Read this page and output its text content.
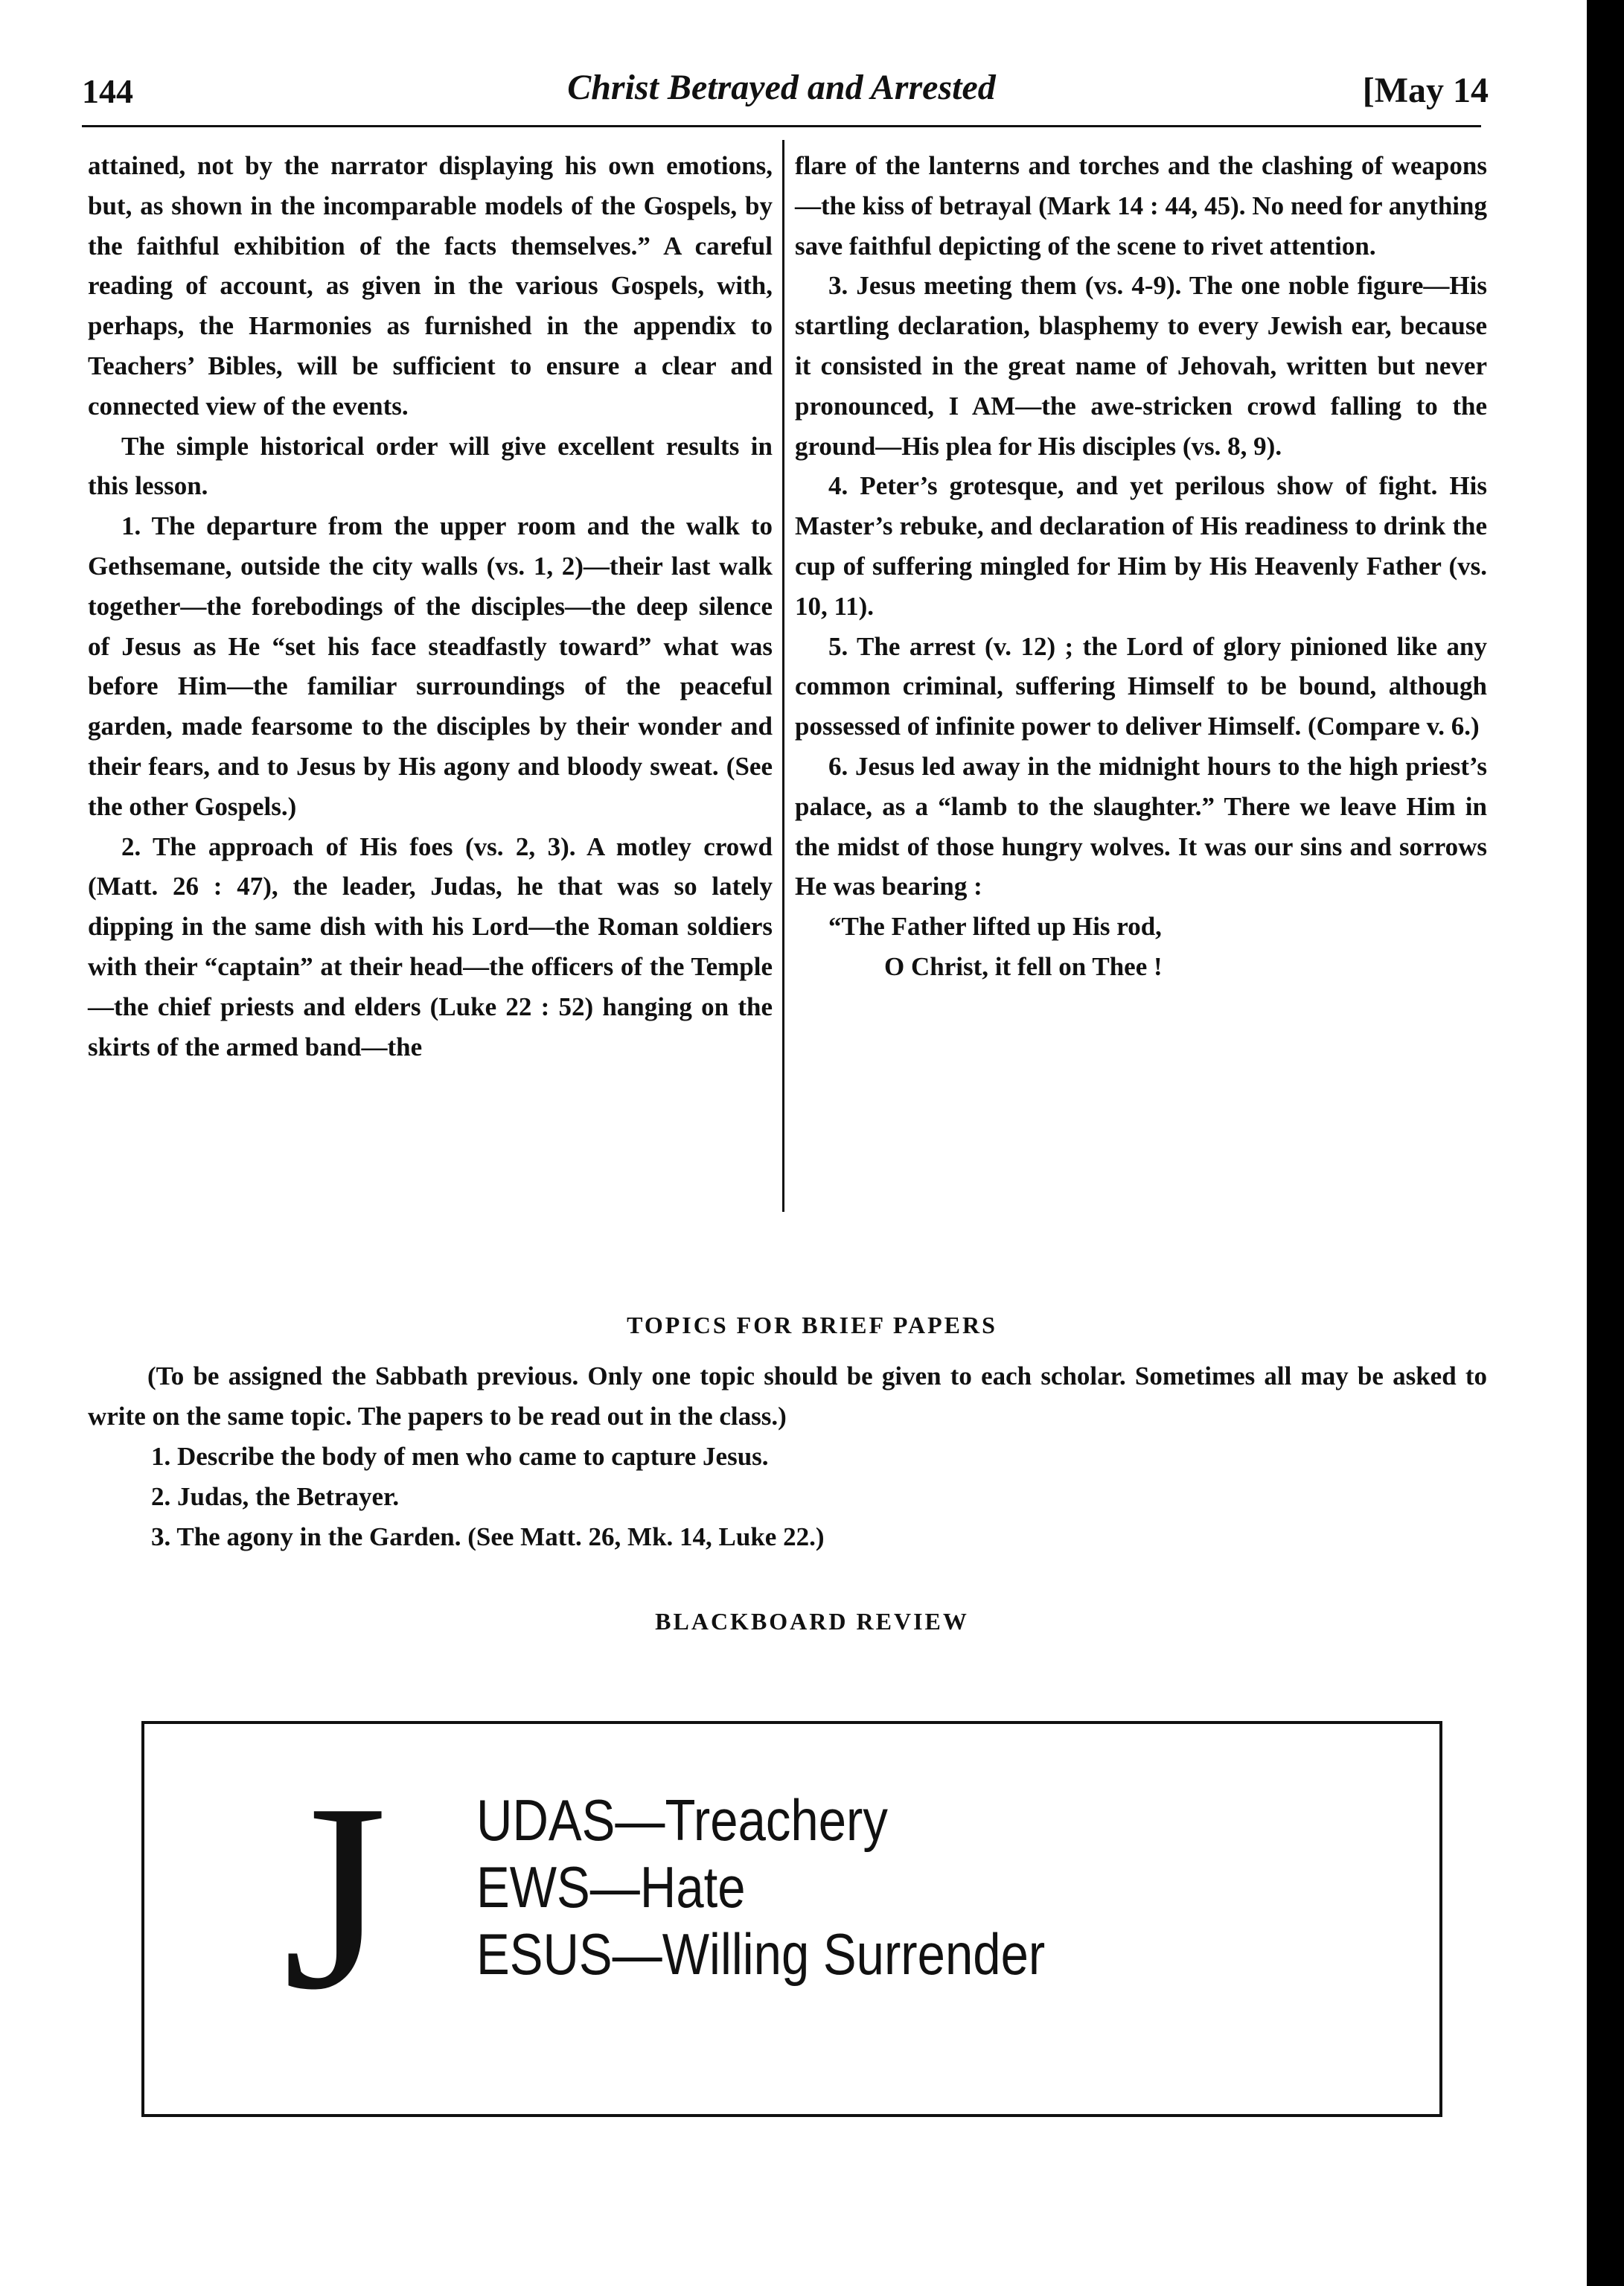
144	Christ Betrayed and Arrested	[May 14

attained, not by the narrator displaying his own emotions, but, as shown in the incomparable models of the Gospels, by the faithful exhibition of the facts themselves.” A careful reading of account, as given in the various Gospels, with, perhaps, the Harmonies as furnished in the appendix to Teachers’ Bibles, will be sufficient to ensure a clear and connected view of the events.

The simple historical order will give excellent results in this lesson.

1. The departure from the upper room and the walk to Gethsemane, outside the city walls (vs. 1, 2)—their last walk together—the forebodings of the disciples—the deep silence of Jesus as He “set his face steadfastly toward” what was before Him—the familiar surroundings of the peaceful garden, made fearsome to the disciples by their wonder and their fears, and to Jesus by His agony and bloody sweat. (See the other Gospels.)

2. The approach of His foes (vs. 2, 3). A motley crowd (Matt. 26 : 47), the leader, Judas, he that was so lately dipping in the same dish with his Lord—the Roman soldiers with their “captain” at their head—the officers of the Temple—the chief priests and elders (Luke 22 : 52) hanging on the skirts of the armed band—the

flare of the lanterns and torches and the clashing of weapons—the kiss of betrayal (Mark 14 : 44, 45). No need for anything save faithful depicting of the scene to rivet attention.

3. Jesus meeting them (vs. 4-9). The one noble figure—His startling declaration, blasphemy to every Jewish ear, because it consisted in the great name of Jehovah, written but never pronounced, I AM—the awe-stricken crowd falling to the ground—His plea for His disciples (vs. 8, 9).

4. Peter’s grotesque, and yet perilous show of fight. His Master’s rebuke, and declaration of His readiness to drink the cup of suffering mingled for Him by His Heavenly Father (vs. 10, 11).

5. The arrest (v. 12) ; the Lord of glory pinioned like any common criminal, suffering Himself to be bound, although possessed of infinite power to deliver Himself. (Compare v. 6.)

6. Jesus led away in the midnight hours to the high priest’s palace, as a “lamb to the slaughter.” There we leave Him in the midst of those hungry wolves. It was our sins and sorrows He was bearing :

“The Father lifted up His rod,

O Christ, it fell on Thee !

TOPICS FOR BRIEF PAPERS

(To be assigned the Sabbath previous. Only one topic should be given to each scholar. Sometimes all may be asked to write on the same topic. The papers to be read out in the class.)

1. Describe the body of men who came to capture Jesus.

2. Judas, the Betrayer.

3. The agony in the Garden. (See Matt. 26, Mk. 14, Luke 22.)

BLACKBOARD REVIEW
J UDAS—Treachery
EWS—Hate
ESUS—Willing Surrender
